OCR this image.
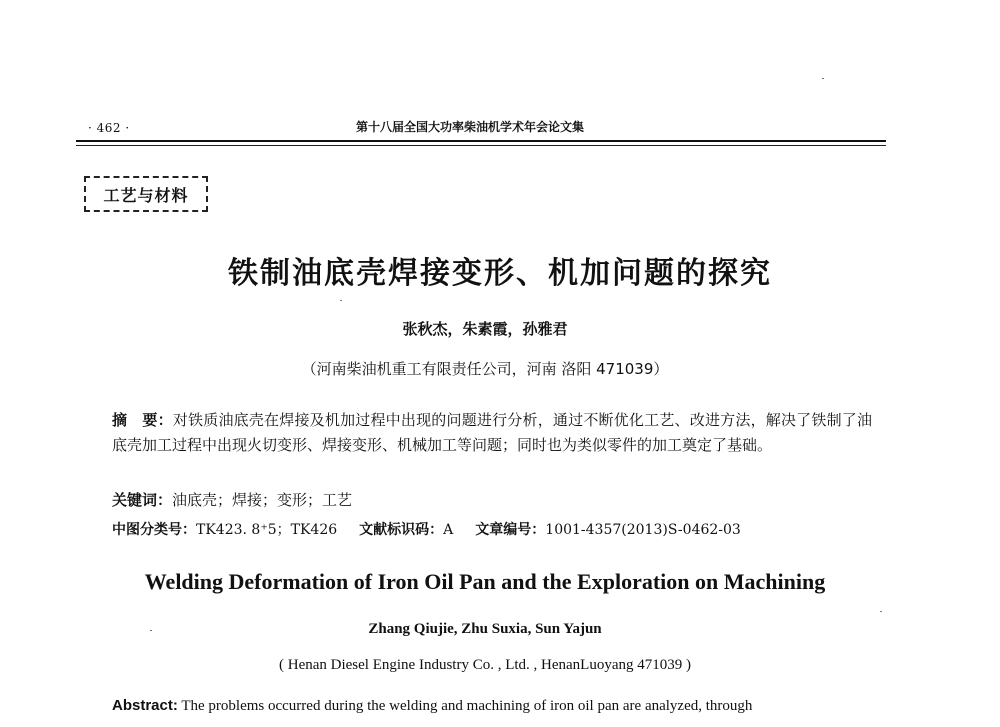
· 462 ·	第十八届全国大功率柴油机学术年会论文集
工艺与材料
铁制油底壳焊接变形、机加问题的探究
张秋杰，朱素霞，孙雅君
（河南柴油机重工有限责任公司，河南 洛阳 471039）
摘　要：对铁质油底壳在焊接及机加过程中出现的问题进行分析，通过不断优化工艺、改进方法，解决了铁制了油底壳加工过程中出现火切变形、焊接变形、机械加工等问题；同时也为类似零件的加工奠定了基础。
关键词：油底壳；焊接；变形；工艺
中图分类号：TK423. 8⁺5；TK426 文献标识码：A 文章编号：1001-4357(2013)S-0462-03
Welding Deformation of Iron Oil Pan and the Exploration on Machining
Zhang Qiujie, Zhu Suxia, Sun Yajun
( Henan Diesel Engine Industry Co. , Ltd. , HenanLuoyang 471039 )
Abstract: The problems occurred during the welding and machining of iron oil pan are analyzed, through
